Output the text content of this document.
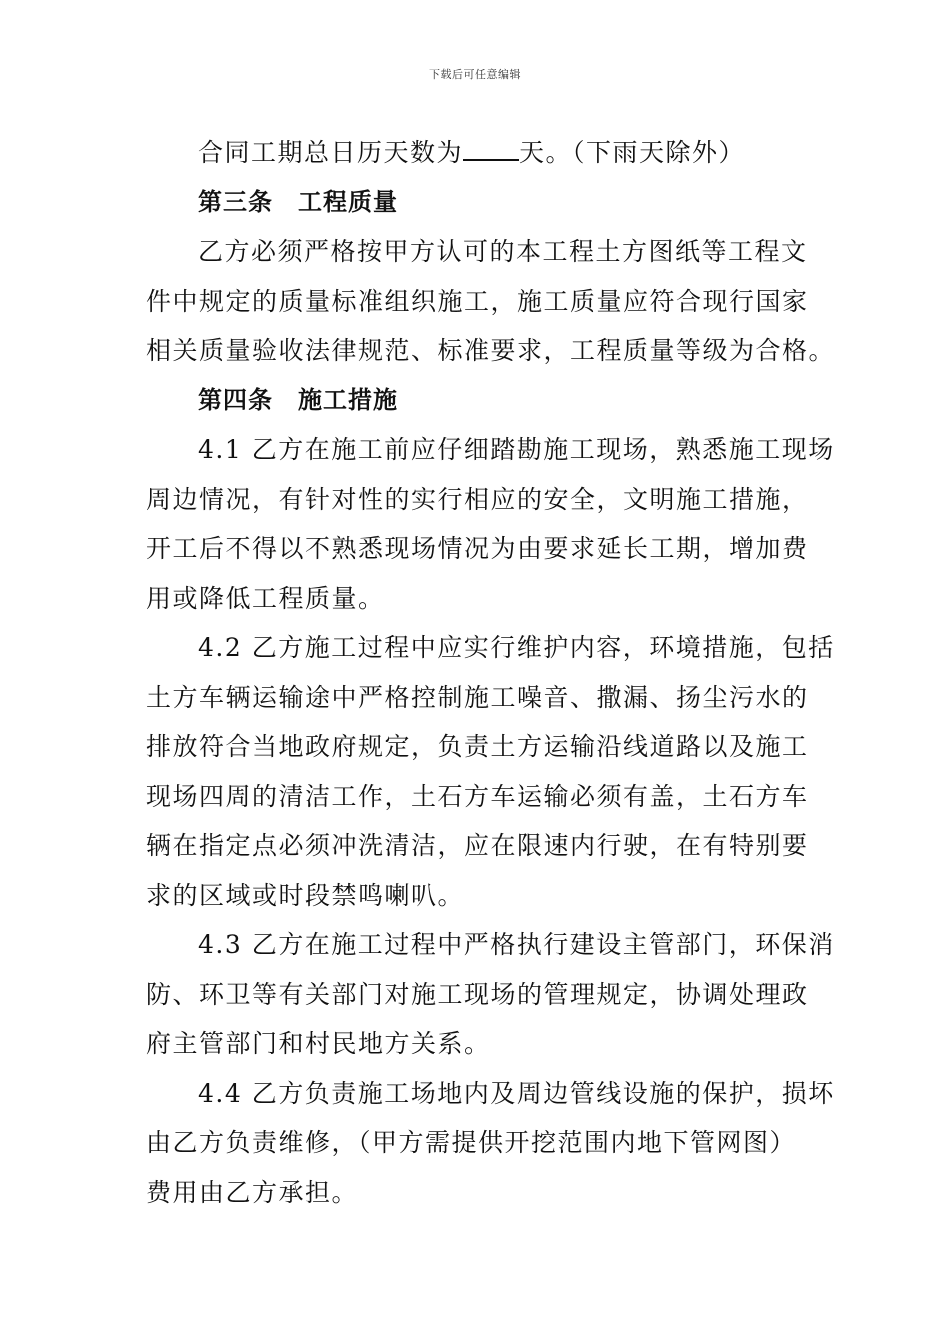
下载后可任意编辑
合同工期总日历天数为 天。（下雨天除外）
第三条　工程质量
乙方必须严格按甲方认可的本工程土方图纸等工程文
件中规定的质量标准组织施工，施工质量应符合现行国家
相关质量验收法律规范、标准要求，工程质量等级为合格。
第四条　施工措施
4.1 乙方在施工前应仔细踏勘施工现场，熟悉施工现场
周边情况，有针对性的实行相应的安全，文明施工措施，
开工后不得以不熟悉现场情况为由要求延长工期，增加费
用或降低工程质量。
4.2 乙方施工过程中应实行维护内容，环境措施，包括
土方车辆运输途中严格控制施工噪音、撒漏、扬尘污水的
排放符合当地政府规定，负责土方运输沿线道路以及施工
现场四周的清洁工作，土石方车运输必须有盖，土石方车
辆在指定点必须冲洗清洁，应在限速内行驶，在有特别要
求的区域或时段禁鸣喇叭。
4.3 乙方在施工过程中严格执行建设主管部门，环保消
防、环卫等有关部门对施工现场的管理规定，协调处理政
府主管部门和村民地方关系。
4.4 乙方负责施工场地内及周边管线设施的保护，损坏
由乙方负责维修，（甲方需提供开挖范围内地下管网图）
费用由乙方承担。
